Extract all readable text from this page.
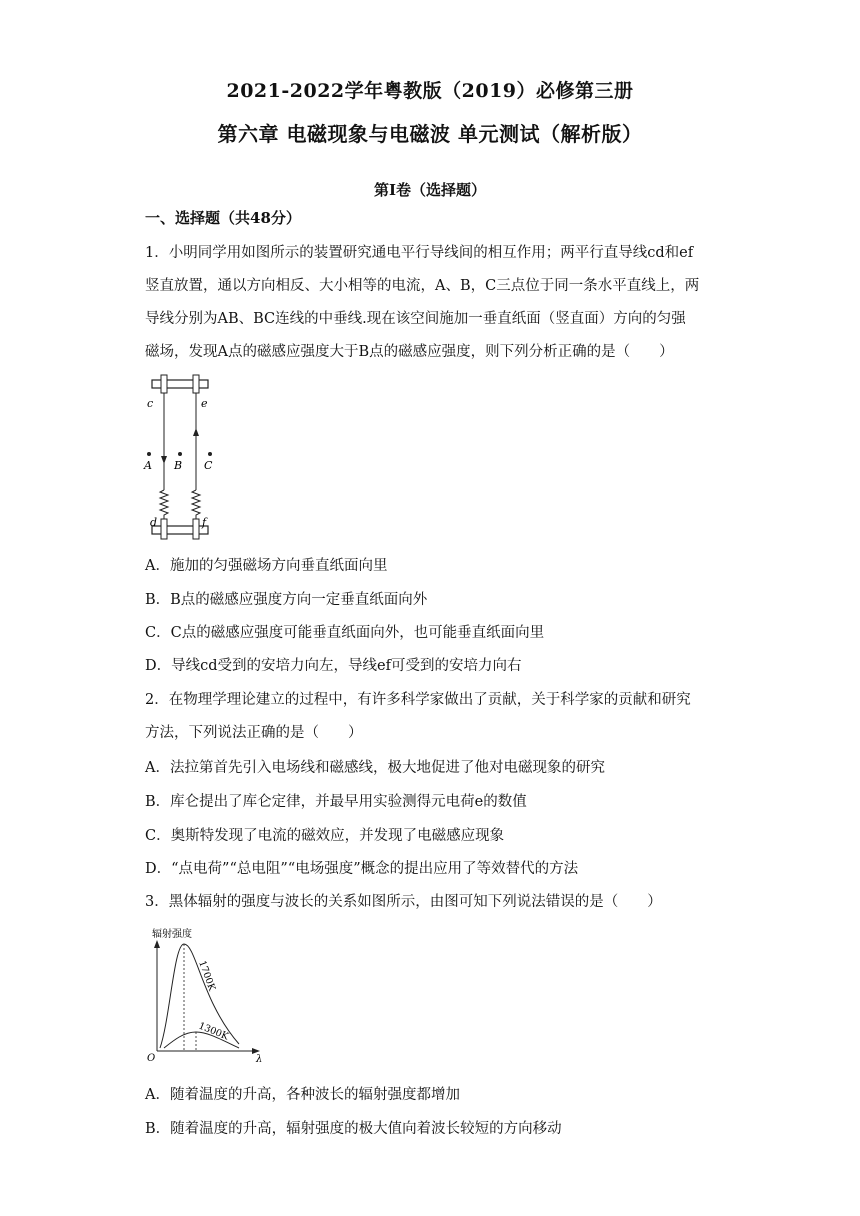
2021-2022学年粤教版（2019）必修第三册
第六章 电磁现象与电磁波 单元测试（解析版）
第Ⅰ卷（选择题）
一、选择题（共48分）
1．小明同学用如图所示的装置研究通电平行导线间的相互作用；两平行直导线cd和ef
竖直放置，通以方向相反、大小相等的电流，A、B，C三点位于同一条水平直线上，两
导线分别为AB、BC连线的中垂线.现在该空间施加一垂直纸面（竖直面）方向的匀强
磁场，发现A点的磁感应强度大于B点的磁感应强度，则下列分析正确的是（　　）
c	e
A B C
d	f
A．施加的匀强磁场方向垂直纸面向里
B．B点的磁感应强度方向一定垂直纸面向外
C．C点的磁感应强度可能垂直纸面向外，也可能垂直纸面向里
D．导线cd受到的安培力向左，导线ef可受到的安培力向右
2．在物理学理论建立的过程中，有许多科学家做出了贡献，关于科学家的贡献和研究
方法，下列说法正确的是（　　）
A．法拉第首先引入电场线和磁感线，极大地促进了他对电磁现象的研究
B．库仑提出了库仑定律，并最早用实验测得元电荷e的数值
C．奥斯特发现了电流的磁效应，并发现了电磁感应现象
D．“点电荷”“总电阻”“电场强度”概念的提出应用了等效替代的方法
3．黑体辐射的强度与波长的关系如图所示，由图可知下列说法错误的是（　　）
辐射强度
O	λ
1700K
1300K
A．随着温度的升高，各种波长的辐射强度都增加
B．随着温度的升高，辐射强度的极大值向着波长较短的方向移动
